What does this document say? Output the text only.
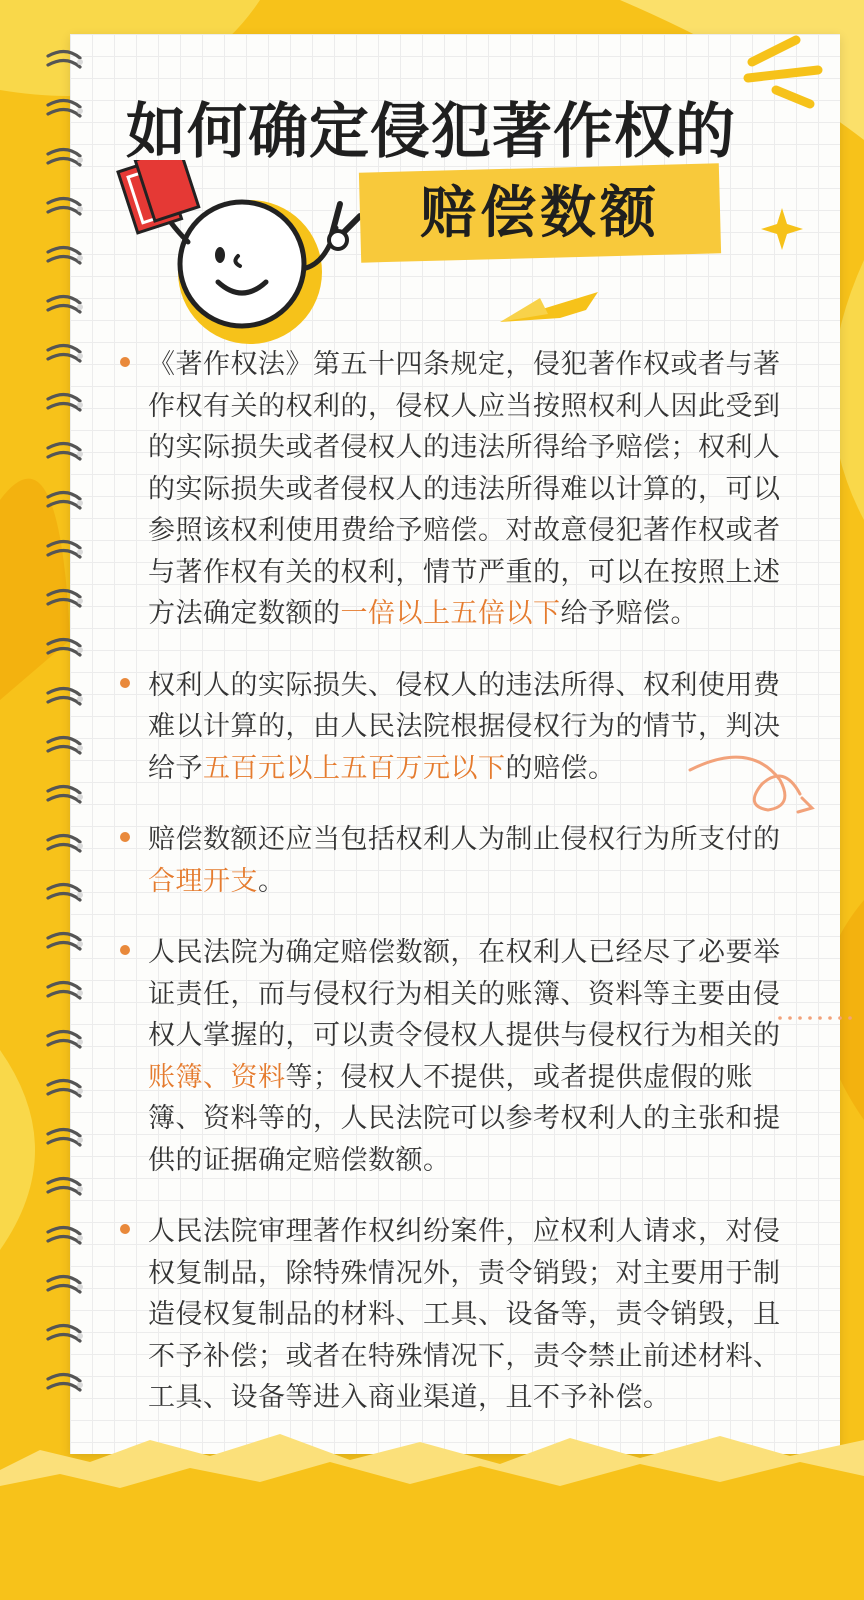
如何确定侵犯著作权的
赔偿数额
《著作权法》第五十四条规定，侵犯著作权或者与著作权有关的权利的，侵权人应当按照权利人因此受到的实际损失或者侵权人的违法所得给予赔偿；权利人的实际损失或者侵权人的违法所得难以计算的，可以参照该权利使用费给予赔偿。对故意侵犯著作权或者与著作权有关的权利，情节严重的，可以在按照上述方法确定数额的一倍以上五倍以下给予赔偿。
权利人的实际损失、侵权人的违法所得、权利使用费难以计算的，由人民法院根据侵权行为的情节，判决给予五百元以上五百万元以下的赔偿。
赔偿数额还应当包括权利人为制止侵权行为所支付的合理开支。
人民法院为确定赔偿数额，在权利人已经尽了必要举证责任，而与侵权行为相关的账簿、资料等主要由侵权人掌握的，可以责令侵权人提供与侵权行为相关的账簿、资料等；侵权人不提供，或者提供虚假的账簿、资料等的，人民法院可以参考权利人的主张和提供的证据确定赔偿数额。
人民法院审理著作权纠纷案件，应权利人请求，对侵权复制品，除特殊情况外，责令销毁；对主要用于制造侵权复制品的材料、工具、设备等，责令销毁，且不予补偿；或者在特殊情况下，责令禁止前述材料、工具、设备等进入商业渠道，且不予补偿。
